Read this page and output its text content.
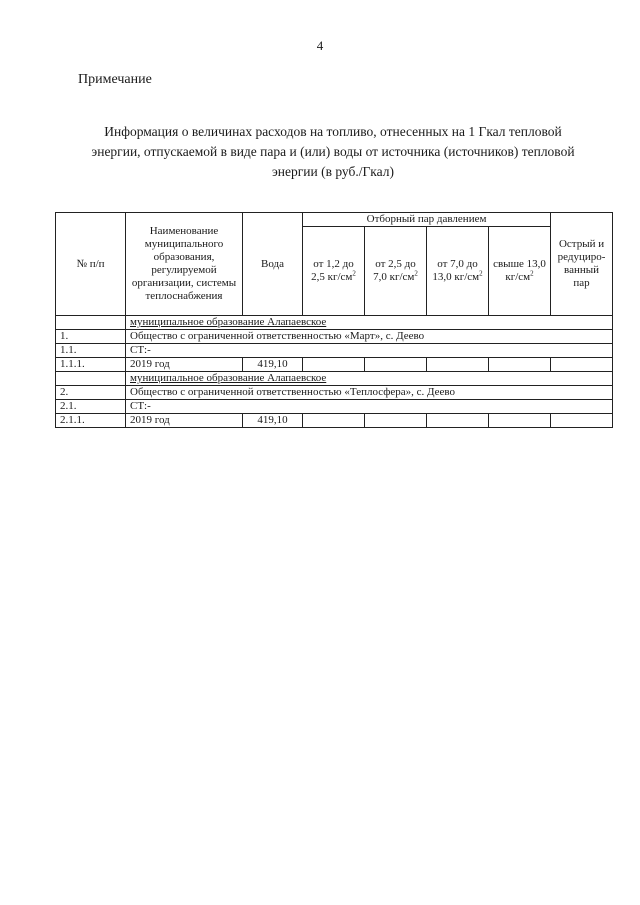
4
Примечание
Информация о величинах расходов на топливо, отнесенных на 1 Гкал тепловой энергии, отпускаемой в виде пара и (или) воды от источника (источников) тепловой энергии (в руб./Гкал)
№ п/п	Наименование муниципального образования, регулируемой организации, системы теплоснабжения	Вода	Отборный пар давлением				Острый и редуциро-ванный пар
			от 1,2 до 2,5 $кг/см^2$	от 2,5 до 7,0 $кг/см^2$	от 7,0 до 13,0 $кг/см^2$	свыше 13,0 $кг/см^2$
	муниципальное образование Алапаевское						
1.	Общество с ограниченной ответственностью «Март», с. Деево						
1.1.	СТ:-						
1.1.1.	2019 год	419,10					
	муниципальное образование Алапаевское						
2.	Общество с ограниченной ответственностью «Теплосфера», с. Деево						
2.1.	СТ:-						
2.1.1.	2019 год	419,10					
